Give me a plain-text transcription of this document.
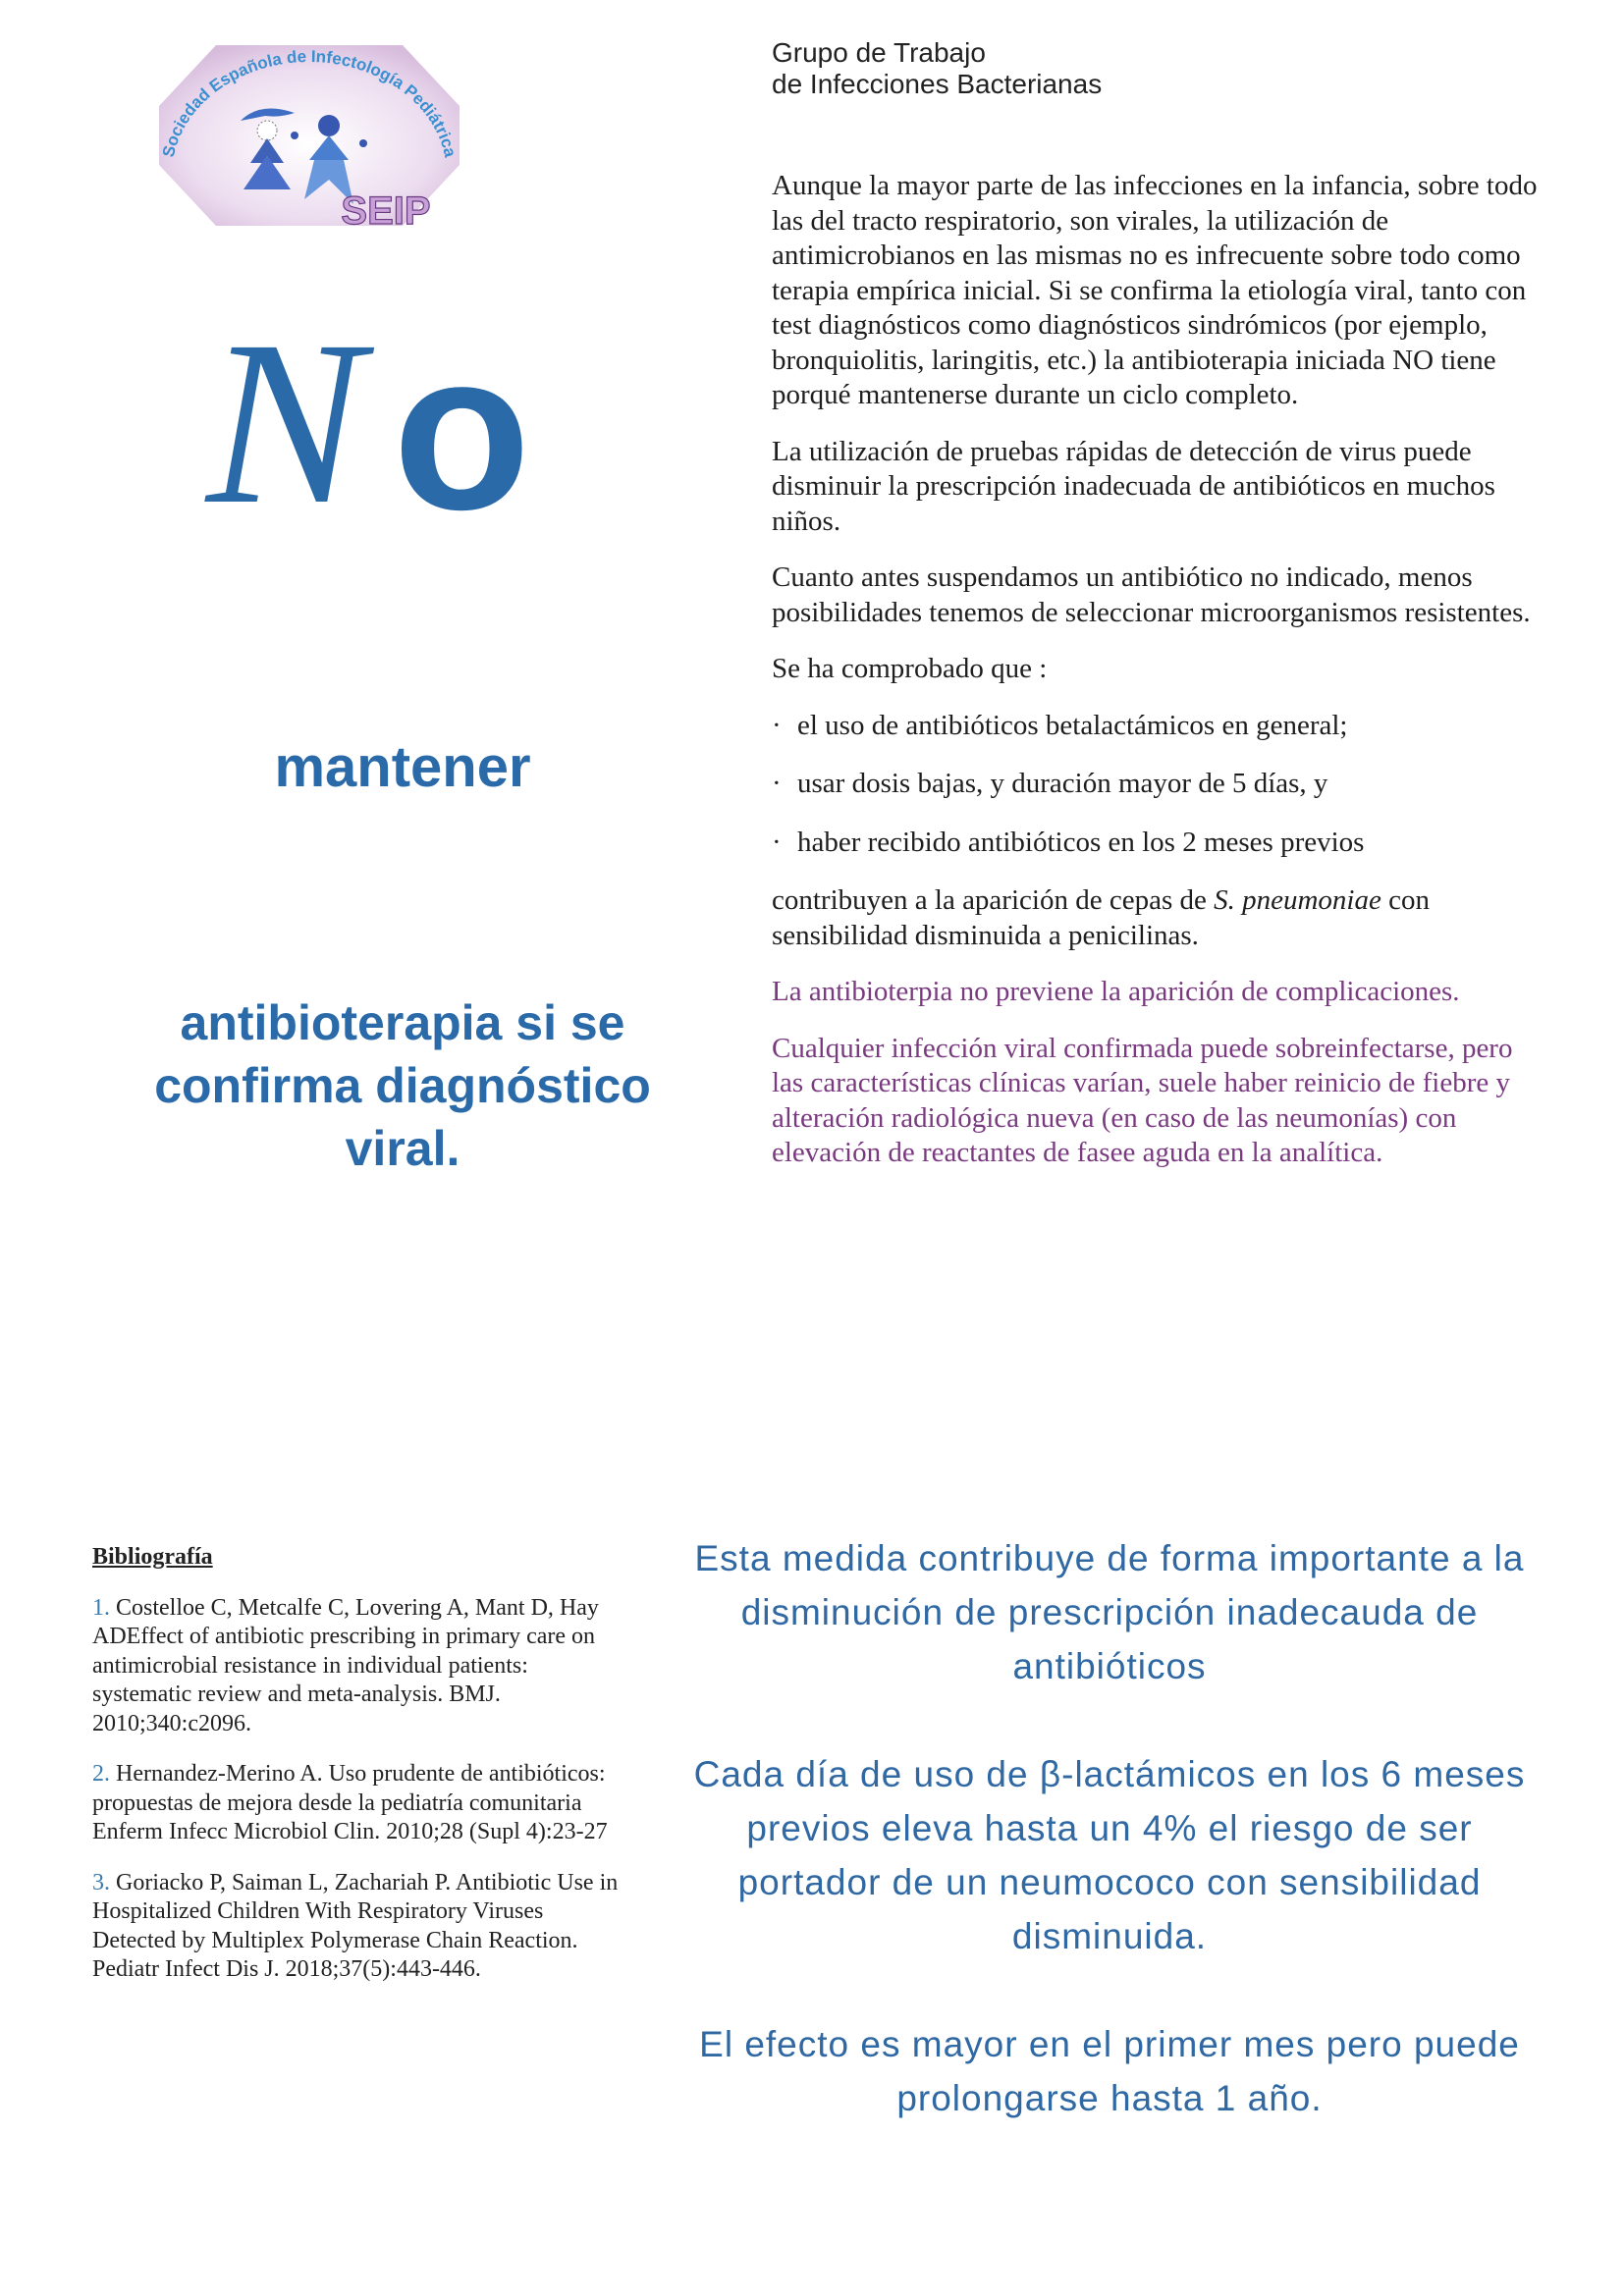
Sociedad Española de Infectología Pediátrica
SEIP
Grupo de Trabajo
de Infecciones Bacterianas
N o
mantener
antibioterapia si se
confirma diagnóstico
viral.

Aunque la mayor parte de las infecciones en la infancia, sobre todo las del tracto respiratorio, son virales, la utilización de antimicrobianos en las mismas no es infrecuente sobre todo como terapia empírica inicial. Si se confirma la etiología viral, tanto con test diagnósticos como diagnósticos sindrómicos (por ejemplo, bronquiolitis, laringitis, etc.) la antibioterapia iniciada NO tiene porqué mantenerse durante un ciclo completo.

La utilización de pruebas rápidas de detección de virus puede disminuir la prescripción inadecuada de antibióticos en muchos niños.

Cuanto antes suspendamos un antibiótico no indicado, menos posibilidades tenemos de seleccionar microorganismos resistentes.

Se ha comprobado que :

· el uso de antibióticos betalactámicos en general;
· usar dosis bajas, y duración mayor de 5 días, y
· haber recibido antibióticos en los 2 meses previos

contribuyen a la aparición de cepas de S. pneumoniae con sensibilidad disminuida a penicilinas.

La antibioterpia no previene la aparición de complicaciones.

Cualquier infección viral confirmada puede sobreinfectarse, pero las características clínicas varían, suele haber reinicio de fiebre y alteración radiológica nueva (en caso de las neumonías) con elevación de reactantes de fasee aguda en la analítica.

Bibliografía
1. Costelloe C, Metcalfe C, Lovering A, Mant D, Hay ADEffect of antibiotic prescribing in primary care on antimicrobial resistance in individual patients: systematic review and meta-analysis. BMJ. 2010;340:c2096.
2. Hernandez-Merino A. Uso prudente de antibióticos: propuestas de mejora desde la pediatría comunitaria Enferm Infecc Microbiol Clin. 2010;28 (Supl 4):23-27
3. Goriacko P, Saiman L, Zachariah P. Antibiotic Use in Hospitalized Children With Respiratory Viruses Detected by Multiplex Polymerase Chain Reaction. Pediatr Infect Dis J. 2018;37(5):443-446.

Esta medida contribuye de forma importante a la disminución de prescripción inadecauda de antibióticos

Cada día de uso de β-lactámicos en los 6 meses previos eleva hasta un 4% el riesgo de ser portador de un neumococo con sensibilidad disminuida.

El efecto es mayor en el primer mes pero puede prolongarse hasta 1 año.
